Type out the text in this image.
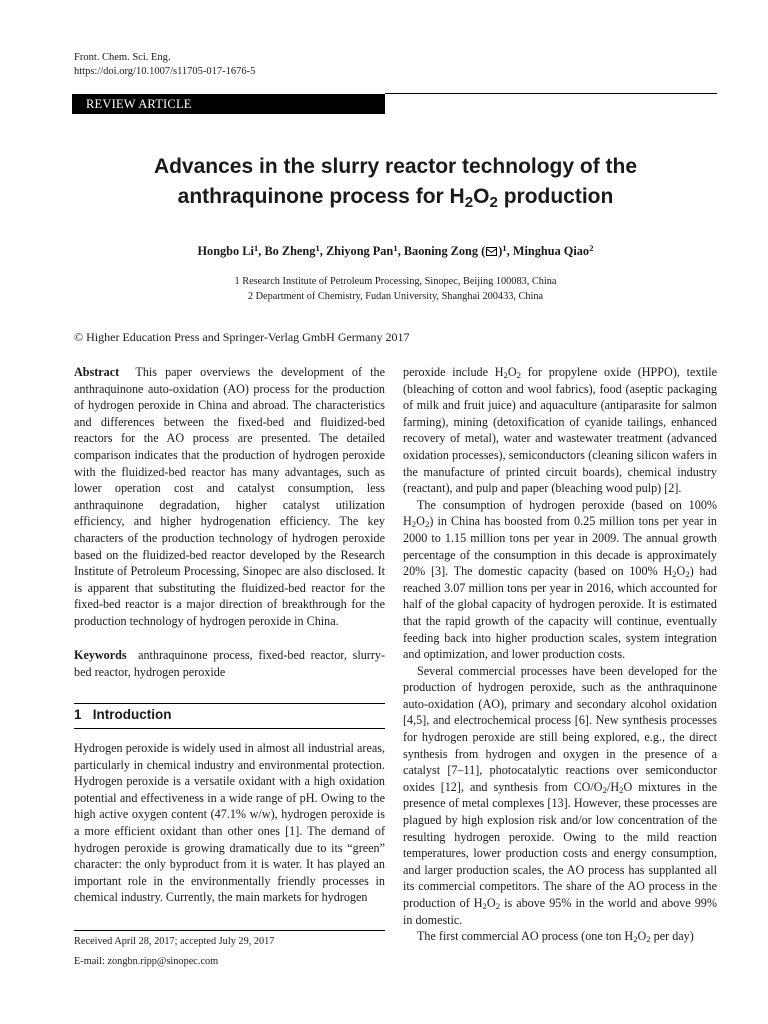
Front. Chem. Sci. Eng.
https://doi.org/10.1007/s11705-017-1676-5
REVIEW ARTICLE
Advances in the slurry reactor technology of the
anthraquinone process for $H_2O_2$ production
Hongbo Li$^1$, Bo Zheng$^1$, Zhiyong Pan$^1$, Baoning Zong ( )$^1$, Minghua Qiao$^2$
1 Research Institute of Petroleum Processing, Sinopec, Beijing 100083, China
2 Department of Chemistry, Fudan University, Shanghai 200433, China
© Higher Education Press and Springer-Verlag GmbH Germany 2017

Abstract This paper overviews the development of the anthraquinone auto-oxidation (AO) process for the production of hydrogen peroxide in China and abroad. The characteristics and differences between the fixed-bed and fluidized-bed reactors for the AO process are presented. The detailed comparison indicates that the production of hydrogen peroxide with the fluidized-bed reactor has many advantages, such as lower operation cost and catalyst consumption, less anthraquinone degradation, higher catalyst utilization efficiency, and higher hydrogenation efficiency. The key characters of the production technology of hydrogen peroxide based on the fluidized-bed reactor developed by the Research Institute of Petroleum Processing, Sinopec are also disclosed. It is apparent that substituting the fluidized-bed reactor for the fixed-bed reactor is a major direction of breakthrough for the production technology of hydrogen peroxide in China.

Keywords anthraquinone process, fixed-bed reactor, slurry-bed reactor, hydrogen peroxide

1 Introduction

Hydrogen peroxide is widely used in almost all industrial areas, particularly in chemical industry and environmental protection. Hydrogen peroxide is a versatile oxidant with a high oxidation potential and effectiveness in a wide range of pH. Owing to the high active oxygen content (47.1% w/w), hydrogen peroxide is a more efficient oxidant than other ones [1]. The demand of hydrogen peroxide is growing dramatically due to its “green” character: the only byproduct from it is water. It has played an important role in the environmentally friendly processes in chemical industry. Currently, the main markets for hydrogen

Received April 28, 2017; accepted July 29, 2017
E-mail: zongbn.ripp@sinopec.com

peroxide include $H_2O_2$ for propylene oxide (HPPO), textile (bleaching of cotton and wool fabrics), food (aseptic packaging of milk and fruit juice) and aquaculture (antiparasite for salmon farming), mining (detoxification of cyanide tailings, enhanced recovery of metal), water and wastewater treatment (advanced oxidation processes), semiconductors (cleaning silicon wafers in the manufacture of printed circuit boards), chemical industry (reactant), and pulp and paper (bleaching wood pulp) [2].

The consumption of hydrogen peroxide (based on 100% $H_2O_2$) in China has boosted from 0.25 million tons per year in 2000 to 1.15 million tons per year in 2009. The annual growth percentage of the consumption in this decade is approximately 20% [3]. The domestic capacity (based on 100% $H_2O_2$) had reached 3.07 million tons per year in 2016, which accounted for half of the global capacity of hydrogen peroxide. It is estimated that the rapid growth of the capacity will continue, eventually feeding back into higher production scales, system integration and optimization, and lower production costs.

Several commercial processes have been developed for the production of hydrogen peroxide, such as the anthraquinone auto-oxidation (AO), primary and secondary alcohol oxidation [4,5], and electrochemical process [6]. New synthesis processes for hydrogen peroxide are still being explored, e.g., the direct synthesis from hydrogen and oxygen in the presence of a catalyst [7–11], photocatalytic reactions over semiconductor oxides [12], and synthesis from $CO/O_2/H_2O$ mixtures in the presence of metal complexes [13]. However, these processes are plagued by high explosion risk and/or low concentration of the resulting hydrogen peroxide. Owing to the mild reaction temperatures, lower production costs and energy consumption, and larger production scales, the AO process has supplanted all its commercial competitors. The share of the AO process in the production of $H_2O_2$ is above 95% in the world and above 99% in domestic.

The first commercial AO process (one ton $H_2O_2$ per day)
